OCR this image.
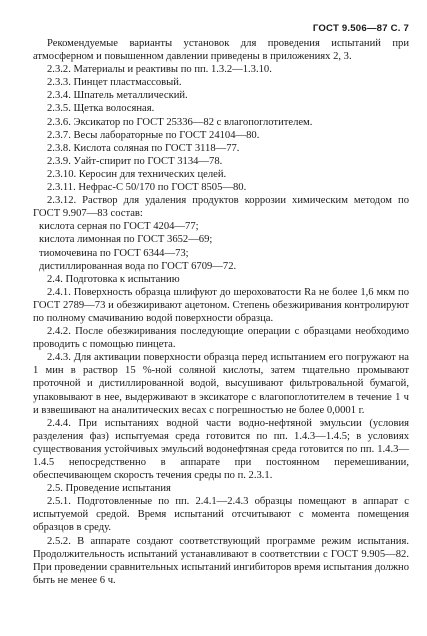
ГОСТ 9.506—87 С. 7

Рекомендуемые варианты установок для проведения испытаний при атмосферном и повышенном давлении приведены в приложениях 2, 3.

2.3.2. Материалы и реактивы по пп. 1.3.2—1.3.10.
2.3.3. Пинцет пластмассовый.
2.3.4. Шпатель металлический.
2.3.5. Щетка волосяная.
2.3.6. Эксикатор по ГОСТ 25336—82 с влагопоглотителем.
2.3.7. Весы лабораторные по ГОСТ 24104—80.
2.3.8. Кислота соляная по ГОСТ 3118—77.
2.3.9. Уайт-спирит по ГОСТ 3134—78.
2.3.10. Керосин для технических целей.
2.3.11. Нефрас-С 50/170 по ГОСТ 8505—80.

2.3.12. Раствор для удаления продуктов коррозии химическим методом по ГОСТ 9.907—83 состав:

кислота серная по ГОСТ 4204—77;
кислота лимонная по ГОСТ 3652—69;
тиомочевина по ГОСТ 6344—73;
дистиллированная вода по ГОСТ 6709—72.
2.4. Подготовка к испытанию

2.4.1. Поверхность образца шлифуют до шероховатости Ra не более 1,6 мкм по ГОСТ 2789—73 и обезжиривают ацетоном. Степень обезжиривания контролируют по полному смачиванию водой поверхности образца.

2.4.2. После обезжиривания последующие операции с образцами необходимо проводить с помощью пинцета.

2.4.3. Для активации поверхности образца перед испытанием его погружают на 1 мин в раствор 15 %-ной соляной кислоты, затем тщательно промывают проточной и дистиллированной водой, высушивают фильтровальной бумагой, упаковывают в нее, выдерживают в эксикаторе с влагопоглотителем в течение 1 ч и взвешивают на аналитических весах с погрешностью не более 0,0001 г.

2.4.4. При испытаниях водной части водно-нефтяной эмульсии (условия разделения фаз) испытуемая среда готовится по пп. 1.4.3—1.4.5; в условиях существования устойчивых эмульсий водонефтяная среда готовится по пп. 1.4.3—1.4.5 непосредственно в аппарате при постоянном перемешивании, обеспечивающем скорость течения среды по п. 2.3.1.

2.5. Проведение испытания

2.5.1. Подготовленные по пп. 2.4.1—2.4.3 образцы помещают в аппарат с испытуемой средой. Время испытаний отсчитывают с момента помещения образцов в среду.

2.5.2. В аппарате создают соответствующий программе режим испытания. Продолжительность испытаний устанавливают в соответствии с ГОСТ 9.905—82. При проведении сравнительных испытаний ингибиторов время испытания должно быть не менее 6 ч.
